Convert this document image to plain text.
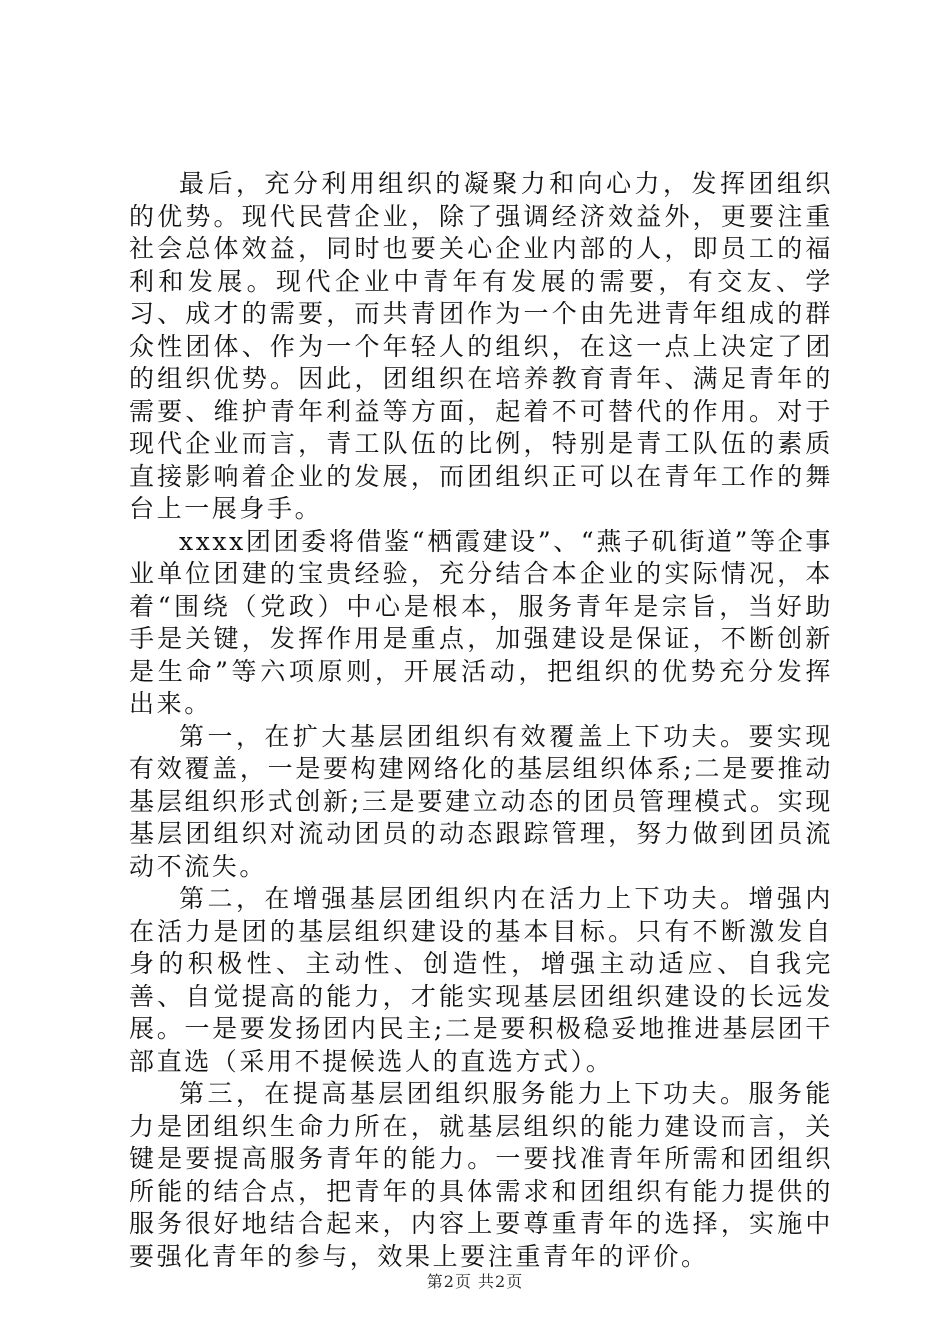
最后，充分利用组织的凝聚力和向心力，发挥团组织的优势。现代民营企业，除了强调经济效益外，更要注重社会总体效益，同时也要关心企业内部的人，即员工的福利和发展。现代企业中青年有发展的需要，有交友、学习、成才的需要，而共青团作为一个由先进青年组成的群众性团体、作为一个年轻人的组织，在这一点上决定了团的组织优势。因此，团组织在培养教育青年、满足青年的需要、维护青年利益等方面，起着不可替代的作用。对于现代企业而言，青工队伍的比例，特别是青工队伍的素质直接影响着企业的发展，而团组织正可以在青年工作的舞台上一展身手。

xxxx团团委将借鉴“栖霞建设”、“燕子矶街道”等企事业单位团建的宝贵经验，充分结合本企业的实际情况，本着“围绕（党政）中心是根本，服务青年是宗旨，当好助手是关键，发挥作用是重点，加强建设是保证，不断创新是生命”等六项原则，开展活动，把组织的优势充分发挥出来。

第一，在扩大基层团组织有效覆盖上下功夫。要实现有效覆盖，一是要构建网络化的基层组织体系;二是要推动基层组织形式创新;三是要建立动态的团员管理模式。实现基层团组织对流动团员的动态跟踪管理，努力做到团员流动不流失。

第二，在增强基层团组织内在活力上下功夫。增强内在活力是团的基层组织建设的基本目标。只有不断激发自身的积极性、主动性、创造性，增强主动适应、自我完善、自觉提高的能力，才能实现基层团组织建设的长远发展。一是要发扬团内民主;二是要积极稳妥地推进基层团干部直选（采用不提候选人的直选方式）。

第三，在提高基层团组织服务能力上下功夫。服务能力是团组织生命力所在，就基层组织的能力建设而言，关键是要提高服务青年的能力。一要找准青年所需和团组织所能的结合点，把青年的具体需求和团组织有能力提供的服务很好地结合起来，内容上要尊重青年的选择，实施中要强化青年的参与，效果上要注重青年的评价。

第2页 共2页
